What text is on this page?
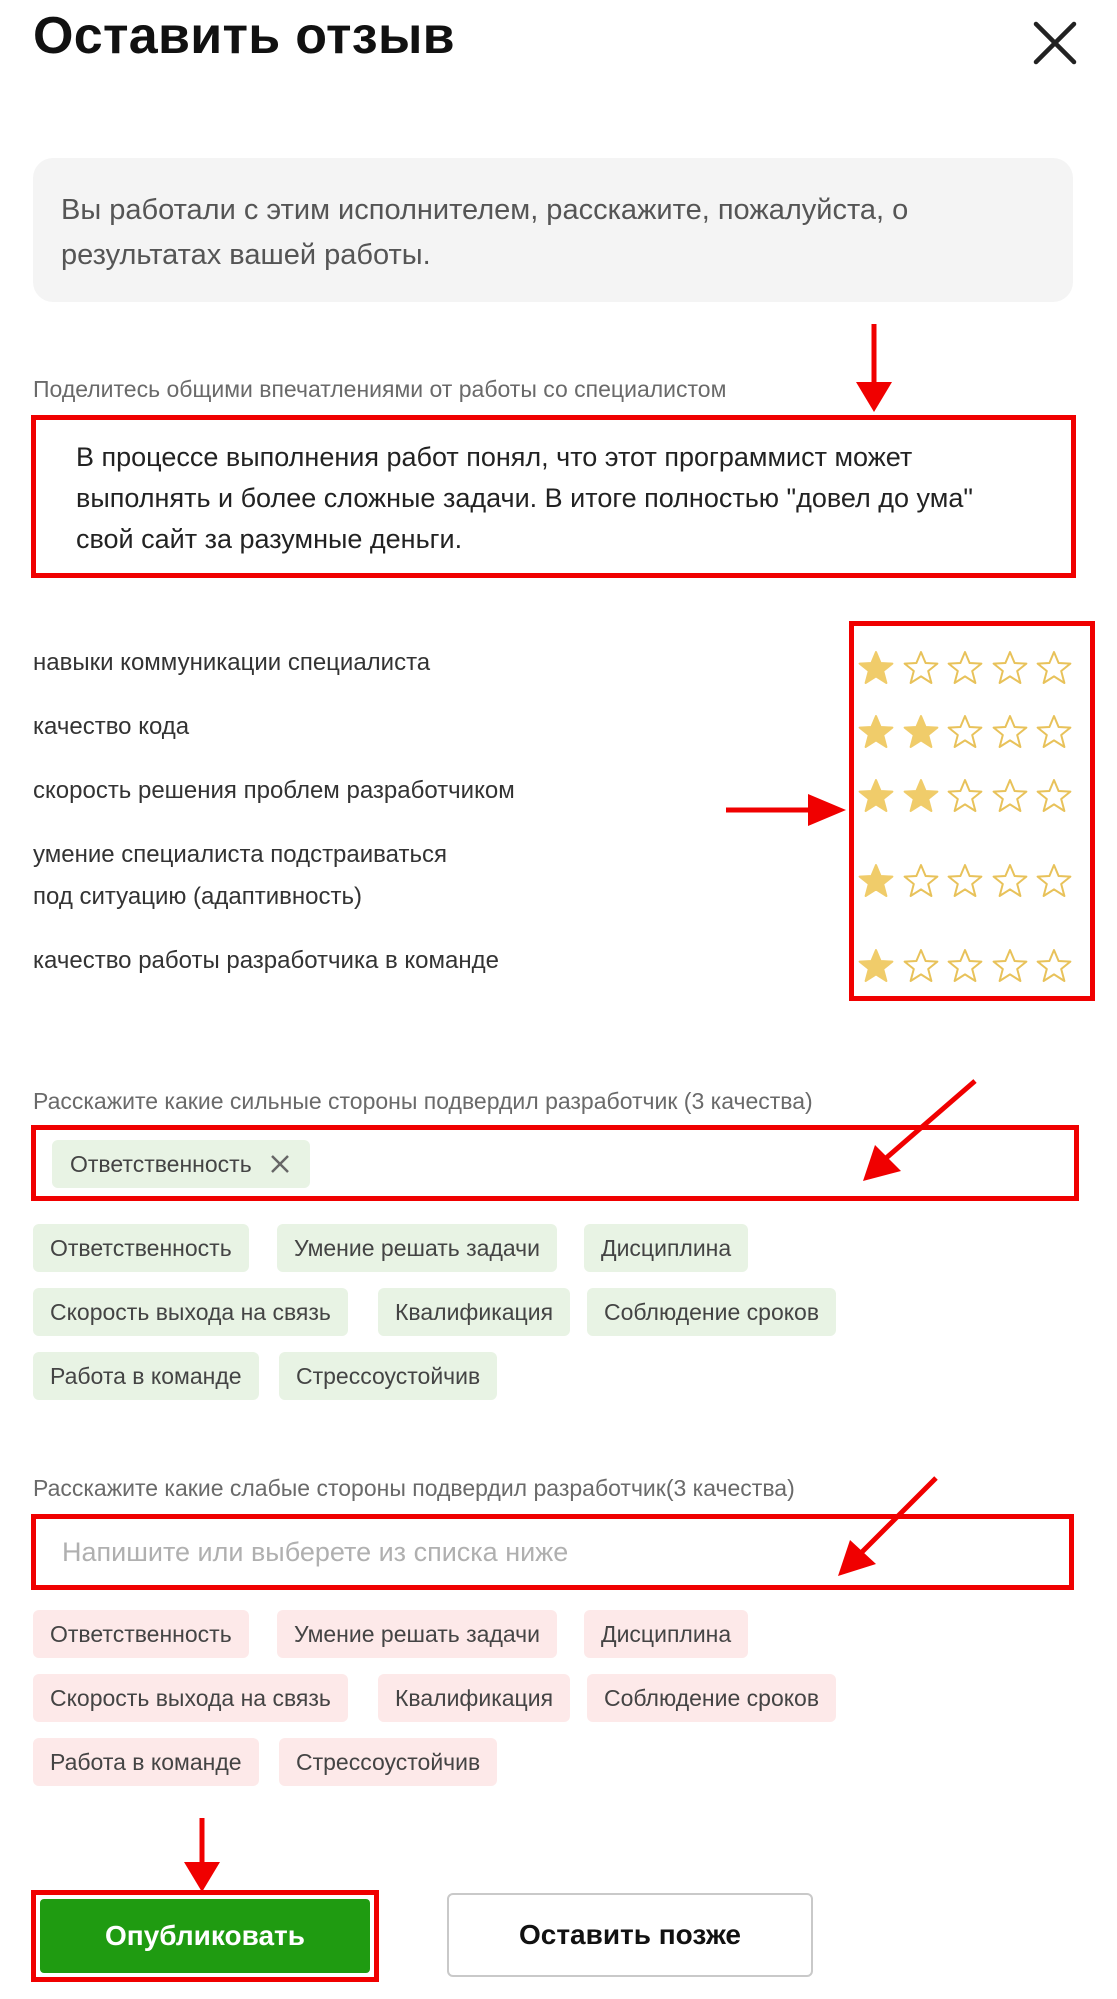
Оставить отзыв
Вы работали с этим исполнителем, расскажите, пожалуйста, о результатах вашей работы.
Поделитесь общими впечатлениями от работы со специалистом
В процессе выполнения работ понял, что этот программист может выполнять и более сложные задачи. В итоге полностью "довел до ума" свой сайт за разумные деньги.
навыки коммуникации специалиста
качество кода
скорость решения проблем разработчиком
умение специалиста подстраиваться
под ситуацию (адаптивность)
качество работы разработчика в команде
Расскажите какие сильные стороны подвердил разработчик (3 качества)
Ответственность
Ответственность	Умение решать задачи	Дисциплина
Скорость выхода на связь	Квалификация	Соблюдение сроков
Работа в команде	Стрессоустойчив
Расскажите какие слабые стороны подвердил разработчик(3 качества)
Напишите или выберете из списка ниже
Ответственность	Умение решать задачи	Дисциплина
Скорость выхода на связь	Квалификация	Соблюдение сроков
Работа в команде	Стрессоустойчив
Опубликовать	Оставить позже
